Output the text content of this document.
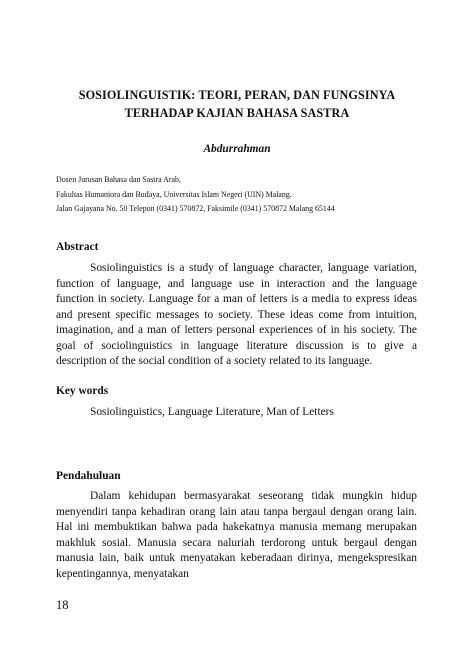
SOSIOLINGUISTIK: TEORI, PERAN, DAN FUNGSINYA
TERHADAP KAJIAN BAHASA SASTRA
Abdurrahman
Dosen Jurusan Bahasa dan Sastra Arab,
Fakultas Humaniora dan Budaya, Universitas Islam Negeri (UIN) Malang.
Jalan Gajayana No. 50 Telepon (0341) 570872, Faksimile (0341) 570872 Malang 65144
Abstract

Sosiolinguistics is a study of language character, language variation, function of language, and language use in interaction and the language function in society. Language for a man of letters is a media to express ideas and present specific messages to society. These ideas come from intuition, imagination, and a man of letters personal experiences of in his society. The goal of sociolinguistics in language literature discussion is to give a description of the social condition of a society related to its language.

Key words
Sosiolinguistics, Language Literature, Man of Letters
Pendahuluan

Dalam kehidupan bermasyarakat seseorang tidak mungkin hidup menyendiri tanpa kehadiran orang lain atau tanpa bergaul dengan orang lain. Hal ini membuktikan bahwa pada hakekatnya manusia memang merupakan makhluk sosial. Manusia secara naluriah terdorong untuk bergaul dengan manusia lain, baik untuk menyatakan keberadaan dirinya, mengekspresikan kepentingannya, menyatakan

18
